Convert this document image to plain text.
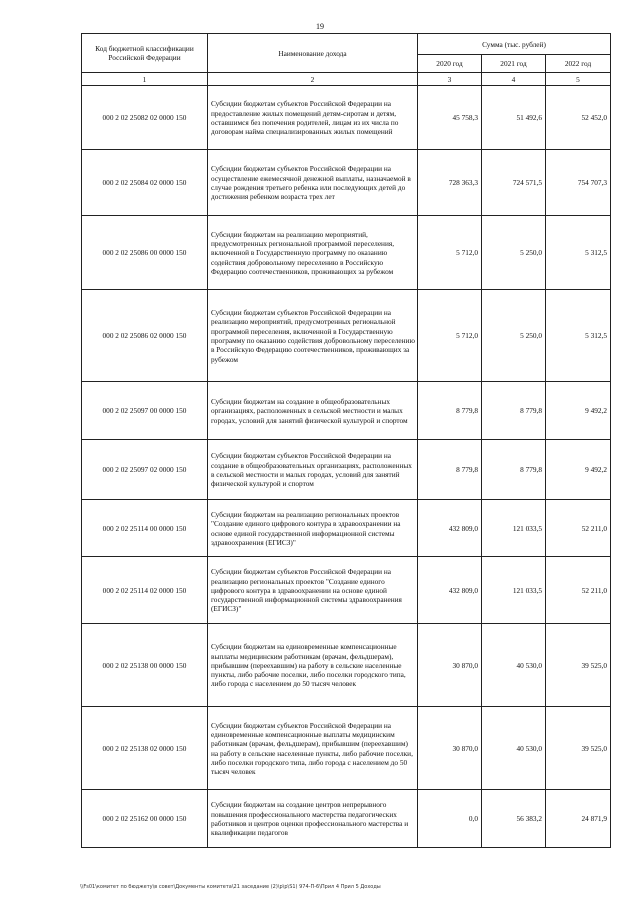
19
Код бюджетной классификации Российской Федерации	Наименование дохода	Сумма (тыс. рублей)		
		2020 год	2021 год	2022 год
1	2	3	4	5
000 2 02 25082 02 0000 150	Субсидии бюджетам субъектов Российской Федерации на предоставление жилых помещений детям-сиротам и детям, оставшимся без попечения родителей, лицам из их числа по договорам найма специализированных жилых помещений	45 758,3	51 492,6	52 452,0
000 2 02 25084 02 0000 150	Субсидии бюджетам субъектов Российской Федерации на осуществление ежемесячной денежной выплаты, назначаемой в случае рождения третьего ребенка или последующих детей до достижения ребенком возраста трех лет	728 363,3	724 571,5	754 707,3
000 2 02 25086 00 0000 150	Субсидии бюджетам на реализацию мероприятий, предусмотренных региональной программой переселения, включенной в Государственную программу по оказанию содействия добровольному переселению в Российскую Федерацию соотечественников, проживающих за рубежом	5 712,0	5 250,0	5 312,5
000 2 02 25086 02 0000 150	Субсидии бюджетам субъектов Российской Федерации на реализацию мероприятий, предусмотренных региональной программой переселения, включенной в Государственную программу по оказанию содействия добровольному переселению в Российскую Федерацию соотечественников, проживающих за рубежом	5 712,0	5 250,0	5 312,5
000 2 02 25097 00 0000 150	Субсидии бюджетам на создание в общеобразовательных организациях, расположенных в сельской местности и малых городах, условий для занятий физической культурой и спортом	8 779,8	8 779,8	9 492,2
000 2 02 25097 02 0000 150	Субсидии бюджетам субъектов Российской Федерации на создание в общеобразовательных организациях, расположенных в сельской местности и малых городах, условий для занятий физической культурой и спортом	8 779,8	8 779,8	9 492,2
000 2 02 25114 00 0000 150	Субсидии бюджетам на реализацию региональных проектов "Создание единого цифрового контура в здравоохранении на основе единой государственной информационной системы здравоохранения (ЕГИСЗ)"	432 809,0	121 033,5	52 211,0
000 2 02 25114 02 0000 150	Субсидии бюджетам субъектов Российской Федерации на реализацию региональных проектов "Создание единого цифрового контура в здравоохранении на основе единой государственной информационной системы здравоохранения (ЕГИСЗ)"	432 809,0	121 033,5	52 211,0
000 2 02 25138 00 0000 150	Субсидии бюджетам на единовременные компенсационные выплаты медицинским работникам (врачам, фельдшерам), прибывшим (переехавшим) на работу в сельские населенные пункты, либо рабочие поселки, либо поселки городского типа, либо города с населением до 50 тысяч человек	30 870,0	40 530,0	39 525,0
000 2 02 25138 02 0000 150	Субсидии бюджетам субъектов Российской Федерации на единовременные компенсационные выплаты медицинским работникам (врачам, фельдшерам), прибывшим (переехавшим) на работу в сельские населенные пункты, либо рабочие поселки, либо поселки городского типа, либо города с населением до 50 тысяч человек	30 870,0	40 530,0	39 525,0
000 2 02 25162 00 0000 150	Субсидии бюджетам на создание центров непрерывного повышения профессионального мастерства педагогических работников и центров оценки профессионального мастерства и квалификации педагогов	0,0	56 383,2	24 871,9
\\Fs01\комитет по бюджету\в совет\Документы комитета\21 заседание (2)\р\р\S1) 974-П-6\Прил 4 Прил 5 Доходы
